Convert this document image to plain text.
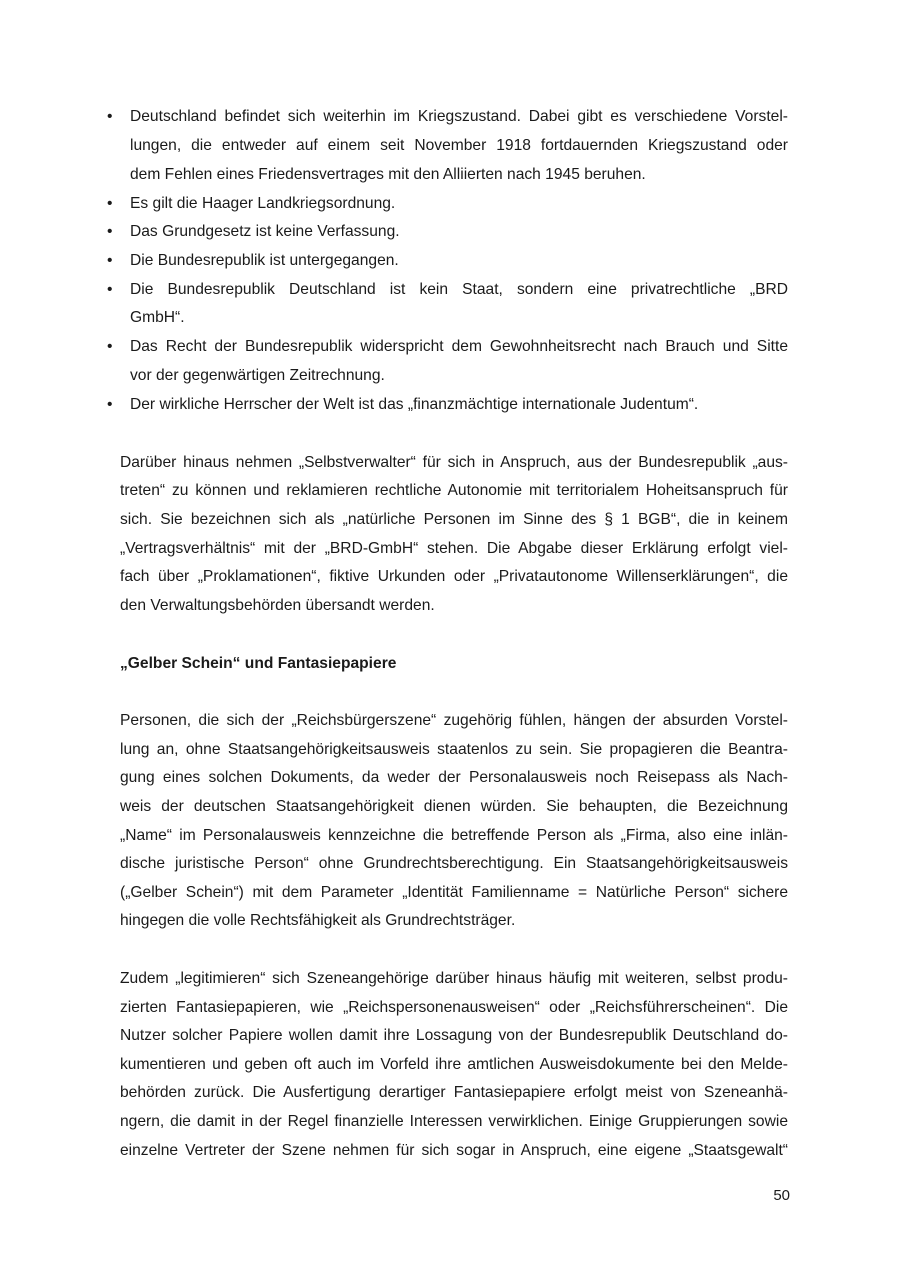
• Deutschland befindet sich weiterhin im Kriegszustand. Dabei gibt es verschiedene Vorstel-
lungen, die entweder auf einem seit November 1918 fortdauernden Kriegszustand oder
dem Fehlen eines Friedensvertrages mit den Alliierten nach 1945 beruhen.
• Es gilt die Haager Landkriegsordnung.
• Das Grundgesetz ist keine Verfassung.
• Die Bundesrepublik ist untergegangen.
• Die Bundesrepublik Deutschland ist kein Staat, sondern eine privatrechtliche „BRD
GmbH“.
• Das Recht der Bundesrepublik widerspricht dem Gewohnheitsrecht nach Brauch und Sitte
vor der gegenwärtigen Zeitrechnung.
• Der wirkliche Herrscher der Welt ist das „finanzmächtige internationale Judentum“.
Darüber hinaus nehmen „Selbstverwalter“ für sich in Anspruch, aus der Bundesrepublik „aus-
treten“ zu können und reklamieren rechtliche Autonomie mit territorialem Hoheitsanspruch für
sich. Sie bezeichnen sich als „natürliche Personen im Sinne des § 1 BGB“, die in keinem
„Vertragsverhältnis“ mit der „BRD-GmbH“ stehen. Die Abgabe dieser Erklärung erfolgt viel-
fach über „Proklamationen“, fiktive Urkunden oder „Privatautonome Willenserklärungen“, die
den Verwaltungsbehörden übersandt werden.
„Gelber Schein“ und Fantasiepapiere
Personen, die sich der „Reichsbürgerszene“ zugehörig fühlen, hängen der absurden Vorstel-
lung an, ohne Staatsangehörigkeitsausweis staatenlos zu sein. Sie propagieren die Beantra-
gung eines solchen Dokuments, da weder der Personalausweis noch Reisepass als Nach-
weis der deutschen Staatsangehörigkeit dienen würden. Sie behaupten, die Bezeichnung
„Name“ im Personalausweis kennzeichne die betreffende Person als „Firma, also eine inlän-
dische juristische Person“ ohne Grundrechtsberechtigung. Ein Staatsangehörigkeitsausweis
(„Gelber Schein“) mit dem Parameter „Identität Familienname = Natürliche Person“ sichere
hingegen die volle Rechtsfähigkeit als Grundrechtsträger.
Zudem „legitimieren“ sich Szeneangehörige darüber hinaus häufig mit weiteren, selbst produ-
zierten Fantasiepapieren, wie „Reichspersonenausweisen“ oder „Reichsführerscheinen“. Die
Nutzer solcher Papiere wollen damit ihre Lossagung von der Bundesrepublik Deutschland do-
kumentieren und geben oft auch im Vorfeld ihre amtlichen Ausweisdokumente bei den Melde-
behörden zurück. Die Ausfertigung derartiger Fantasiepapiere erfolgt meist von Szeneanhä-
ngern, die damit in der Regel finanzielle Interessen verwirklichen. Einige Gruppierungen sowie
einzelne Vertreter der Szene nehmen für sich sogar in Anspruch, eine eigene „Staatsgewalt“
50
